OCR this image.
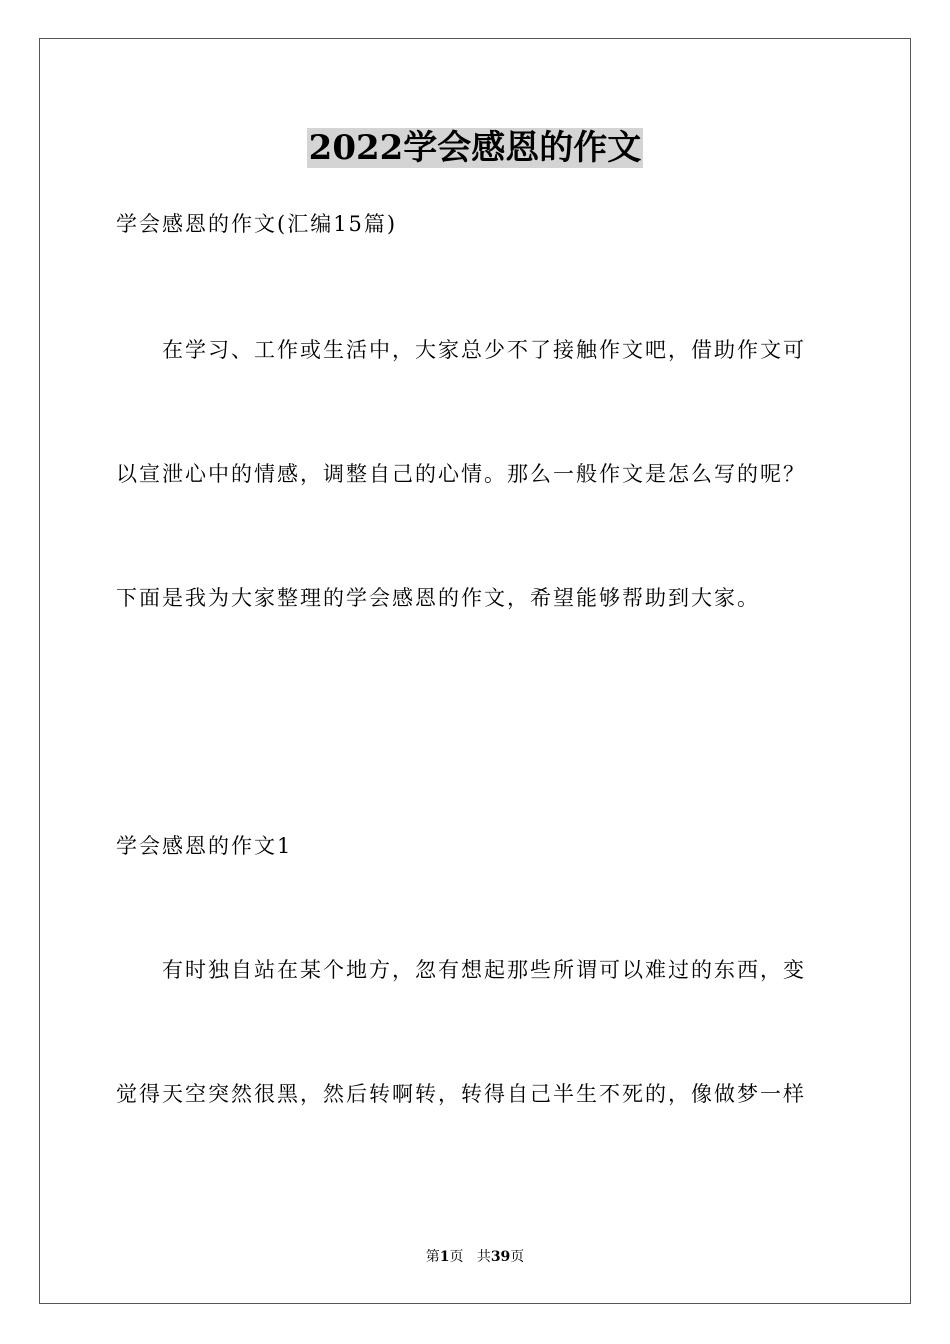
2022学会感恩的作文
学会感恩的作文(汇编15篇)
在学习、工作或生活中，大家总少不了接触作文吧，借助作文可
以宣泄心中的情感，调整自己的心情。那么一般作文是怎么写的呢？
下面是我为大家整理的学会感恩的作文，希望能够帮助到大家。
学会感恩的作文1
有时独自站在某个地方，忽有想起那些所谓可以难过的东西，变
觉得天空突然很黑，然后转啊转，转得自己半生不死的，像做梦一样
第1页 共39页
